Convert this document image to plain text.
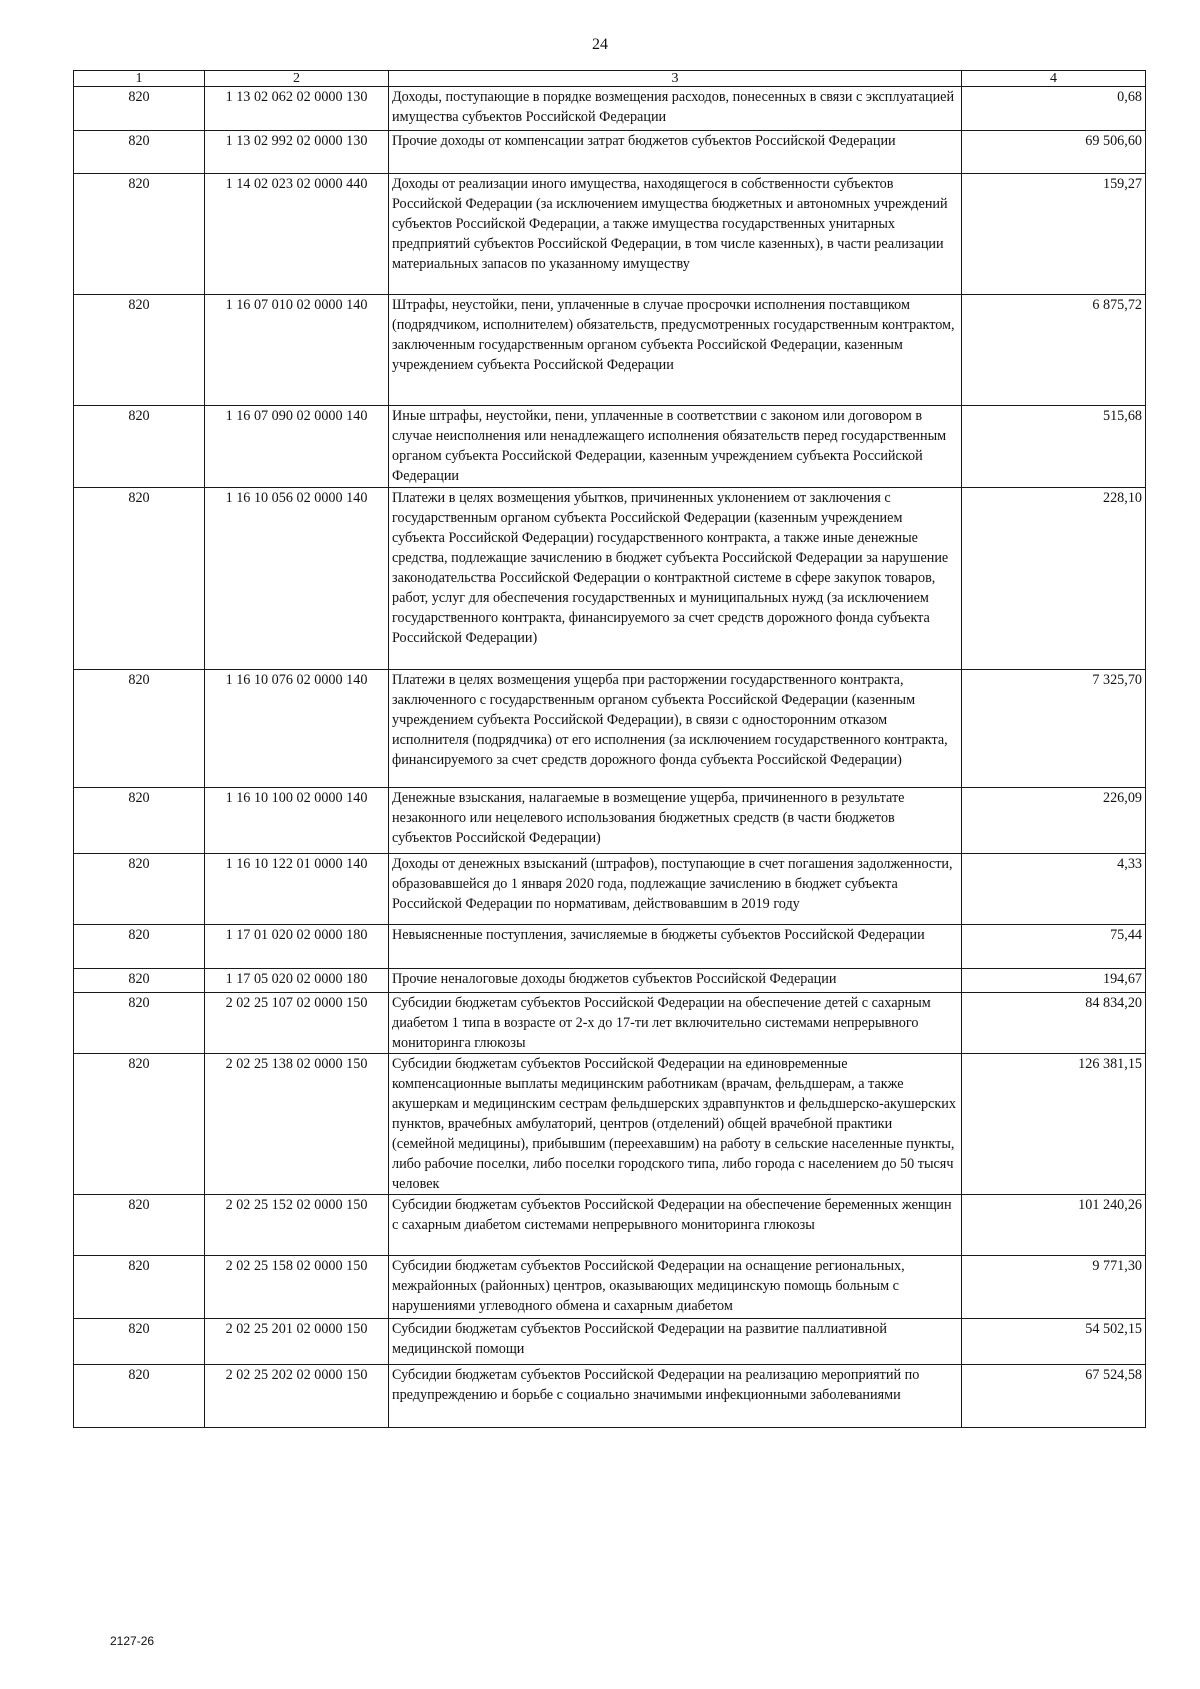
24
1	2	3	4
820	1 13 02 062 02 0000 130	Доходы, поступающие в порядке возмещения расходов, понесенных в связи с эксплуатацией имущества субъектов Российской Федерации	0,68
820	1 13 02 992 02 0000 130	Прочие доходы от компенсации затрат бюджетов субъектов Российской Федерации	69 506,60
820	1 14 02 023 02 0000 440	Доходы от реализации иного имущества, находящегося в собственности субъектов Российской Федерации (за исключением имущества бюджетных и автономных учреждений субъектов Российской Федерации, а также имущества государственных унитарных предприятий субъектов Российской Федерации, в том числе казенных), в части реализации материальных запасов по указанному имуществу	159,27
820	1 16 07 010 02 0000 140	Штрафы, неустойки, пени, уплаченные в случае просрочки исполнения поставщиком (подрядчиком, исполнителем) обязательств, предусмотренных государственным контрактом, заключенным государственным органом субъекта Российской Федерации, казенным учреждением субъекта Российской Федерации	6 875,72
820	1 16 07 090 02 0000 140	Иные штрафы, неустойки, пени, уплаченные в соответствии с законом или договором в случае неисполнения или ненадлежащего исполнения обязательств перед государственным органом субъекта Российской Федерации, казенным учреждением субъекта Российской Федерации	515,68
820	1 16 10 056 02 0000 140	Платежи в целях возмещения убытков, причиненных уклонением от заключения с государственным органом субъекта Российской Федерации (казенным учреждением субъекта Российской Федерации) государственного контракта, а также иные денежные средства, подлежащие зачислению в бюджет субъекта Российской Федерации за нарушение законодательства Российской Федерации о контрактной системе в сфере закупок товаров, работ, услуг для обеспечения государственных и муниципальных нужд (за исключением государственного контракта, финансируемого за счет средств дорожного фонда субъекта Российской Федерации)	228,10
820	1 16 10 076 02 0000 140	Платежи в целях возмещения ущерба при расторжении государственного контракта, заключенного с государственным органом субъекта Российской Федерации (казенным учреждением субъекта Российской Федерации), в связи с односторонним отказом исполнителя (подрядчика) от его исполнения (за исключением государственного контракта, финансируемого за счет средств дорожного фонда субъекта Российской Федерации)	7 325,70
820	1 16 10 100 02 0000 140	Денежные взыскания, налагаемые в возмещение ущерба, причиненного в результате незаконного или нецелевого использования бюджетных средств (в части бюджетов субъектов Российской Федерации)	226,09
820	1 16 10 122 01 0000 140	Доходы от денежных взысканий (штрафов), поступающие в счет погашения задолженности, образовавшейся до 1 января 2020 года, подлежащие зачислению в бюджет субъекта Российской Федерации по нормативам, действовавшим в 2019 году	4,33
820	1 17 01 020 02 0000 180	Невыясненные поступления, зачисляемые в бюджеты субъектов Российской Федерации	75,44
820	1 17 05 020 02 0000 180	Прочие неналоговые доходы бюджетов субъектов Российской Федерации	194,67
820	2 02 25 107 02 0000 150	Субсидии бюджетам субъектов Российской Федерации на обеспечение детей с сахарным диабетом 1 типа в возрасте от 2-х до 17-ти лет включительно системами непрерывного мониторинга глюкозы	84 834,20
820	2 02 25 138 02 0000 150	Субсидии бюджетам субъектов Российской Федерации на единовременные компенсационные выплаты медицинским работникам (врачам, фельдшерам, а также акушеркам и медицинским сестрам фельдшерских здравпунктов и фельдшерско-акушерских пунктов, врачебных амбулаторий, центров (отделений) общей врачебной практики (семейной медицины), прибывшим (переехавшим) на работу в сельские населенные пункты, либо рабочие поселки, либо поселки городского типа, либо города с населением до 50 тысяч человек	126 381,15
820	2 02 25 152 02 0000 150	Субсидии бюджетам субъектов Российской Федерации на обеспечение беременных женщин с сахарным диабетом системами непрерывного мониторинга глюкозы	101 240,26
820	2 02 25 158 02 0000 150	Субсидии бюджетам субъектов Российской Федерации на оснащение региональных, межрайонных (районных) центров, оказывающих медицинскую помощь больным с нарушениями углеводного обмена и сахарным диабетом	9 771,30
820	2 02 25 201 02 0000 150	Субсидии бюджетам субъектов Российской Федерации на развитие паллиативной медицинской помощи	54 502,15
820	2 02 25 202 02 0000 150	Субсидии бюджетам субъектов Российской Федерации на реализацию мероприятий по предупреждению и борьбе с социально значимыми инфекционными заболеваниями	67 524,58
2127-26
